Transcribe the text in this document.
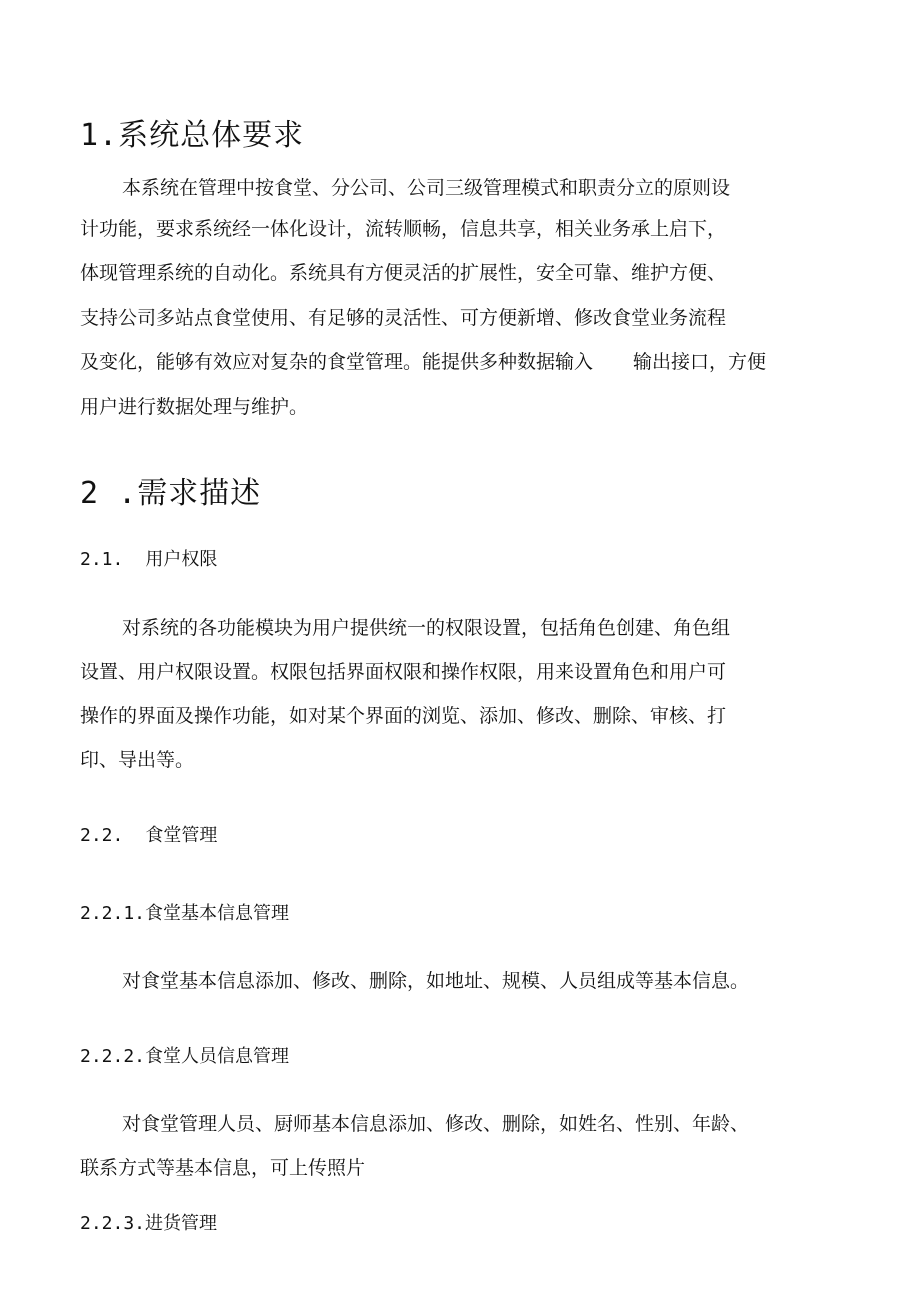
1.系统总体要求

本系统在管理中按食堂、分公司、公司三级管理模式和职责分立的原则设

计功能，要求系统经一体化设计，流转顺畅，信息共享，相关业务承上启下，

体现管理系统的自动化。系统具有方便灵活的扩展性，安全可靠、维护方便、

支持公司多站点食堂使用、有足够的灵活性、可方便新增、修改食堂业务流程

及变化，能够有效应对复杂的食堂管理。能提供多种数据输入 输出接口，方便

用户进行数据处理与维护。

2 .需求描述
2.1. 用户权限

对系统的各功能模块为用户提供统一的权限设置，包括角色创建、角色组

设置、用户权限设置。权限包括界面权限和操作权限，用来设置角色和用户可

操作的界面及操作功能，如对某个界面的浏览、添加、修改、删除、审核、打

印、导出等。

2.2. 食堂管理
2.2.1.食堂基本信息管理

对食堂基本信息添加、修改、删除，如地址、规模、人员组成等基本信息。

2.2.2.食堂人员信息管理

对食堂管理人员、厨师基本信息添加、修改、删除，如姓名、性别、年龄、

联系方式等基本信息，可上传照片

2.2.3.进货管理
